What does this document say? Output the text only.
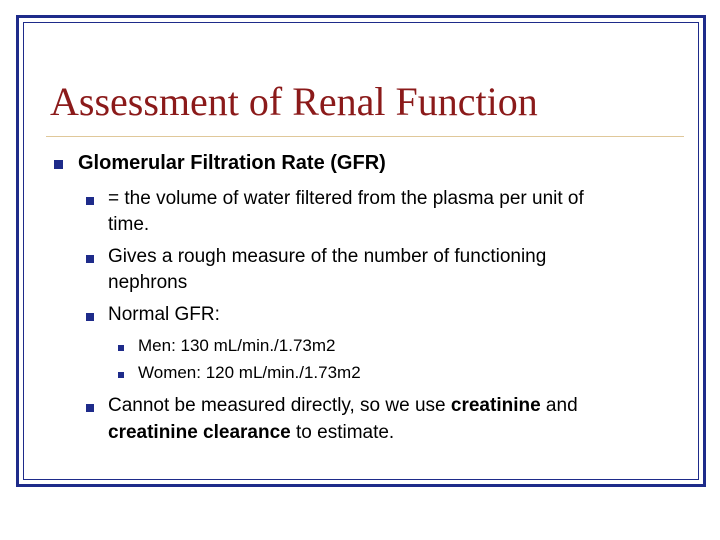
Assessment of Renal Function

Glomerular Filtration Rate (GFR)

= the volume of water filtered from the plasma per unit of

time.

Gives a rough measure of the number of functioning

nephrons

Normal GFR:

Men: 130 mL/min./1.73m2

Women: 120 mL/min./1.73m2

Cannot be measured directly, so we use creatinine and

creatinine clearance to estimate.
